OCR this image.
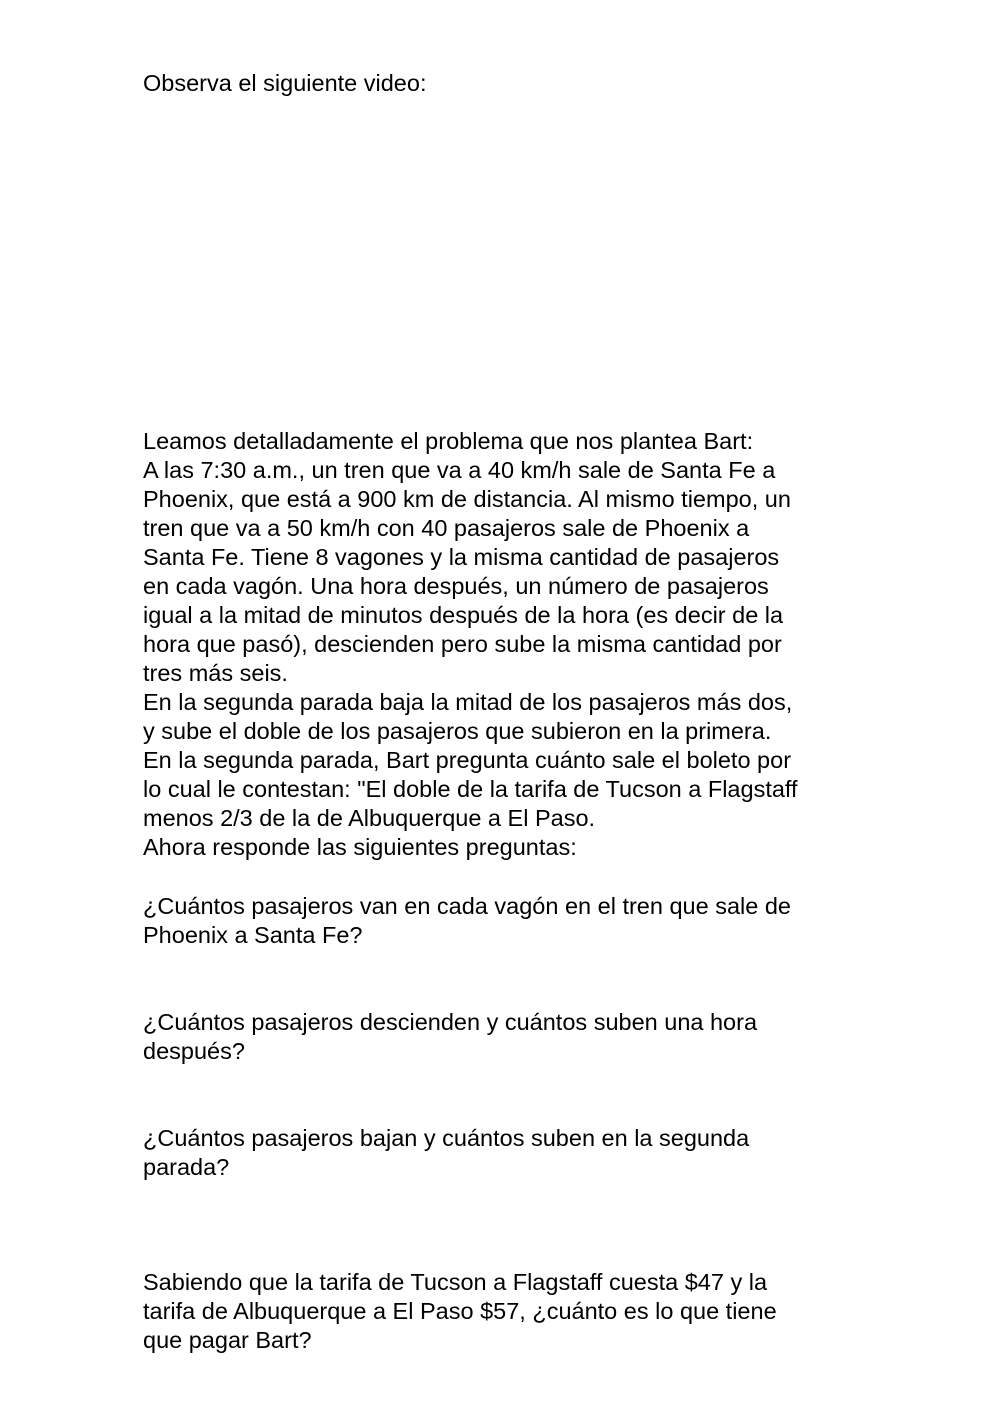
Observa el siguiente video:

Leamos detalladamente el problema que nos plantea Bart:

A las 7:30 a.m., un tren que va a 40 km/h sale de Santa Fe a

Phoenix, que está a 900 km de distancia. Al mismo tiempo, un

tren que va a 50 km/h con 40 pasajeros sale de Phoenix a

Santa Fe. Tiene 8 vagones y la misma cantidad de pasajeros

en cada vagón. Una hora después, un número de pasajeros

igual a la mitad de minutos después de la hora (es decir de la

hora que pasó), descienden pero sube la misma cantidad por

tres más seis.

En la segunda parada baja la mitad de los pasajeros más dos,

y sube el doble de los pasajeros que subieron en la primera.

En la segunda parada, Bart pregunta cuánto sale el boleto por

lo cual le contestan: "El doble de la tarifa de Tucson a Flagstaff

menos 2/3 de la de Albuquerque a El Paso.

Ahora responde las siguientes preguntas:

¿Cuántos pasajeros van en cada vagón en el tren que sale de

Phoenix a Santa Fe?

¿Cuántos pasajeros descienden y cuántos suben una hora

después?

¿Cuántos pasajeros bajan y cuántos suben en la segunda

parada?

Sabiendo que la tarifa de Tucson a Flagstaff cuesta $47 y la

tarifa de Albuquerque a El Paso $57, ¿cuánto es lo que tiene

que pagar Bart?
